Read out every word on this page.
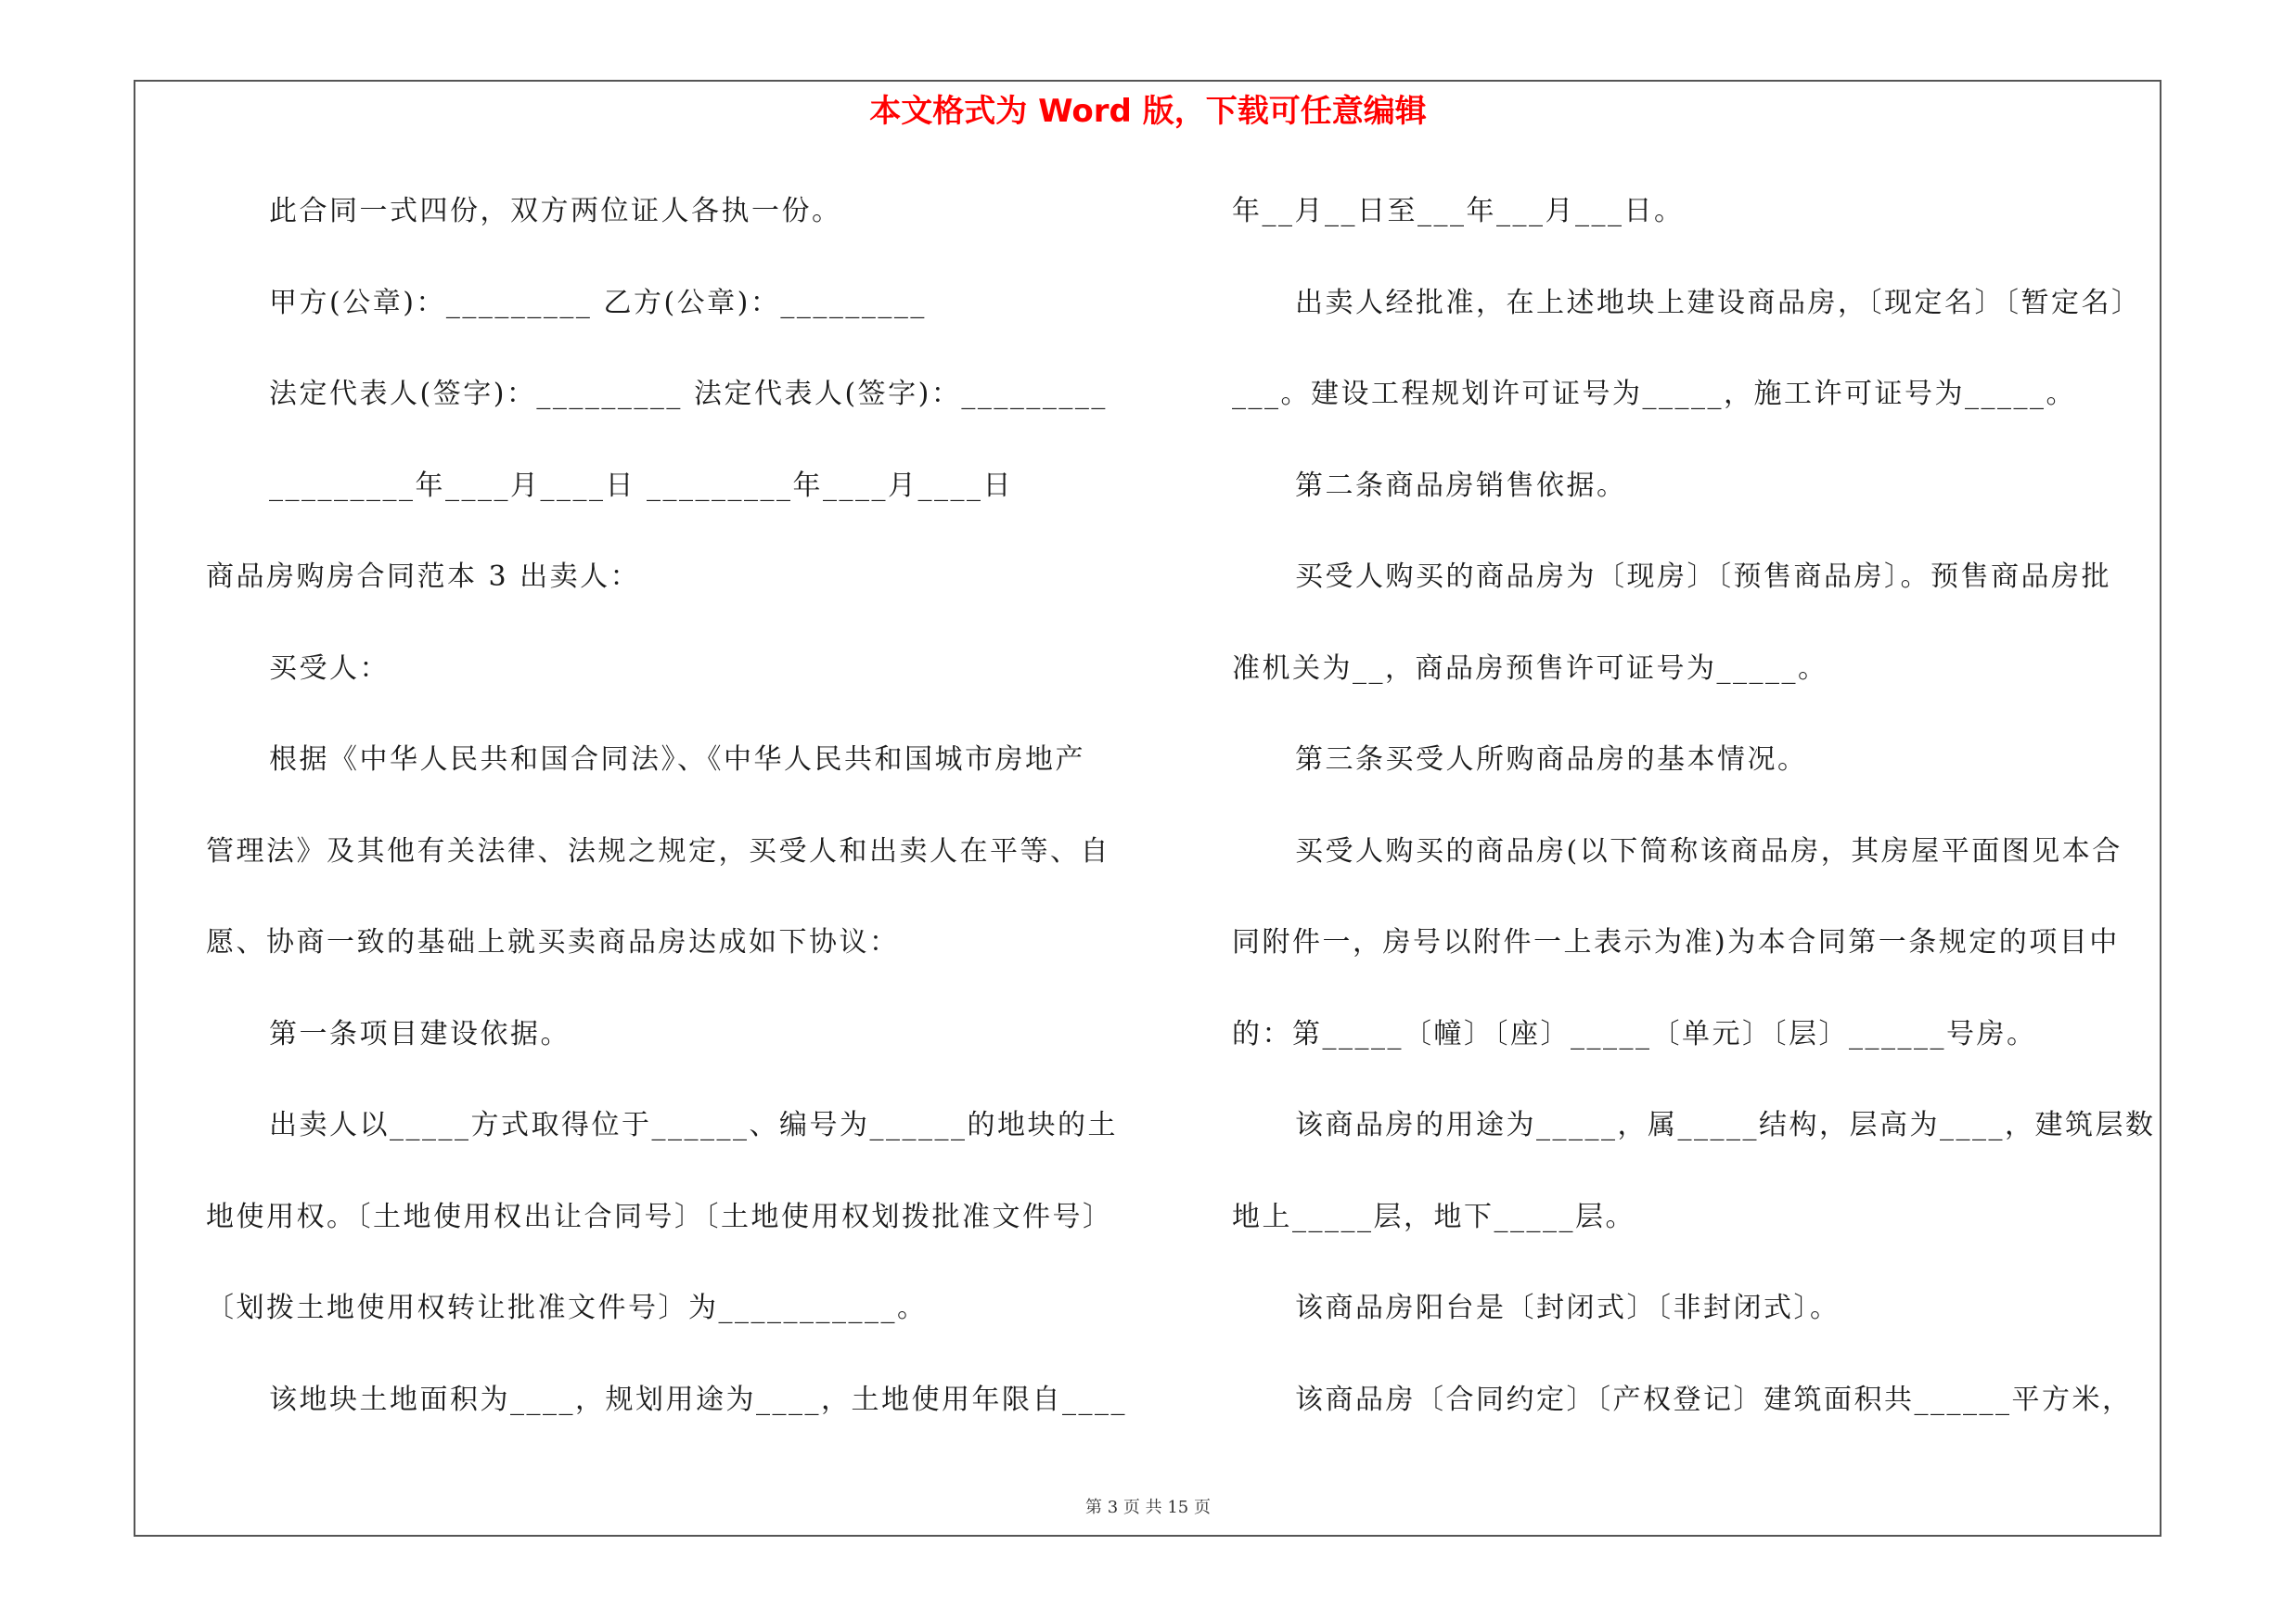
本文格式为 Word 版，下载可任意编辑
此合同一式四份，双方两位证人各执一份。
甲方(公章)：_________ 乙方(公章)：_________
法定代表人(签字)：_________ 法定代表人(签字)：_________
_________年____月____日 _________年____月____日
商品房购房合同范本 3 出卖人：
买受人：
根据《中华人民共和国合同法》、《中华人民共和国城市房地产
管理法》及其他有关法律、法规之规定，买受人和出卖人在平等、自
愿、协商一致的基础上就买卖商品房达成如下协议：
第一条项目建设依据。
出卖人以_____方式取得位于______、编号为______的地块的土
地使用权。〔土地使用权出让合同号〕〔土地使用权划拨批准文件号〕
〔划拨土地使用权转让批准文件号〕为___________。
该地块土地面积为____，规划用途为____，土地使用年限自____
年__月__日至___年___月___日。
出卖人经批准，在上述地块上建设商品房，〔现定名〕〔暂定名〕
___。建设工程规划许可证号为_____，施工许可证号为_____。
第二条商品房销售依据。
买受人购买的商品房为〔现房〕〔预售商品房〕。预售商品房批
准机关为__，商品房预售许可证号为_____。
第三条买受人所购商品房的基本情况。
买受人购买的商品房(以下简称该商品房，其房屋平面图见本合
同附件一，房号以附件一上表示为准)为本合同第一条规定的项目中
的：第_____〔幢〕〔座〕_____〔单元〕〔层〕______号房。
该商品房的用途为_____，属_____结构，层高为____，建筑层数
地上_____层，地下_____层。
该商品房阳台是〔封闭式〕〔非封闭式〕。
该商品房〔合同约定〕〔产权登记〕建筑面积共______平方米，
第 3 页 共 15 页
